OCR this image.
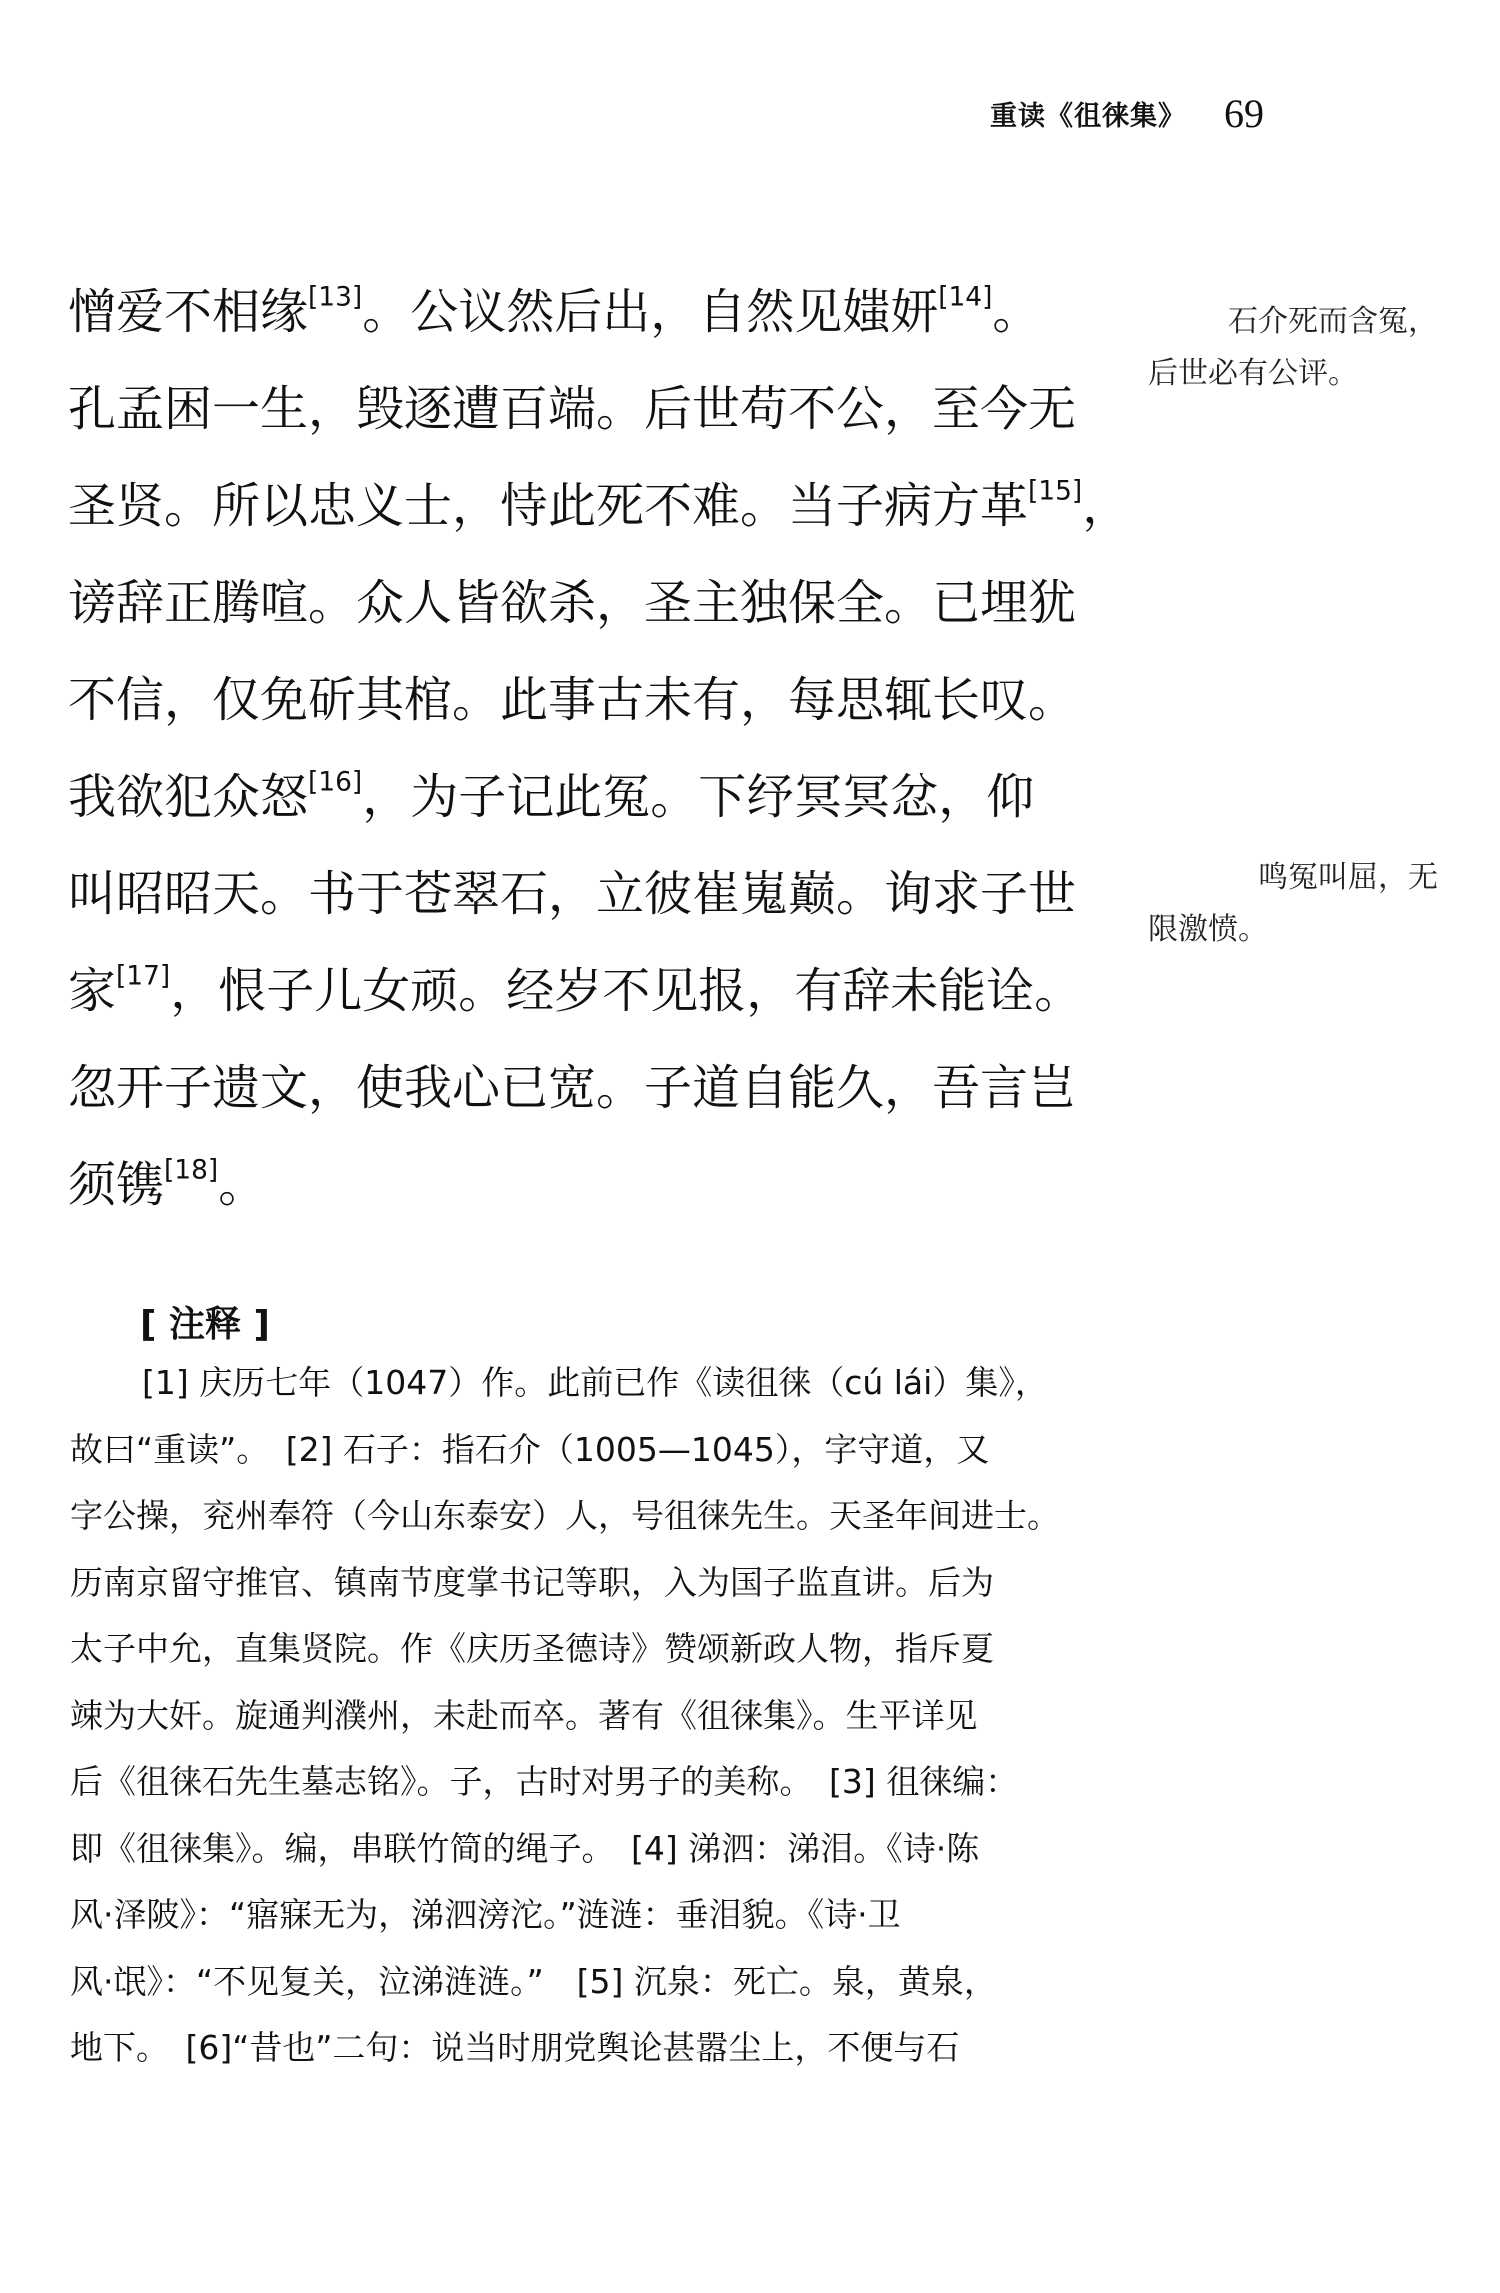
重读《徂徕集》 69
憎爱不相缘[13]。公议然后出，自然见媸妍[14]。
孔孟困一生，毁逐遭百端。后世苟不公，至今无
圣贤。所以忠义士，恃此死不难。当子病方革[15]，
谤辞正腾喧。众人皆欲杀，圣主独保全。已埋犹
不信，仅免斫其棺。此事古未有，每思辄长叹。
我欲犯众怒[16]，为子记此冤。下纾冥冥忿，仰
叫昭昭天。书于苍翠石，立彼崔嵬巅。询求子世
家[17]，恨子儿女顽。经岁不见报，有辞未能诠。
忽开子遗文，使我心已宽。子道自能久，吾言岂
须镌[18]。
石介死而含冤，
后世必有公评。
鸣冤叫屈，无
限激愤。
[ 注释 ]
[1] 庆历七年（1047）作。此前已作《读徂徕（cú lái）集》，
故曰“重读”。　[2] 石子：指石介（1005—1045），字守道，又
字公操，兖州奉符（今山东泰安）人，号徂徕先生。天圣年间进士。
历南京留守推官、镇南节度掌书记等职，入为国子监直讲。后为
太子中允，直集贤院。作《庆历圣德诗》赞颂新政人物，指斥夏
竦为大奸。旋通判濮州，未赴而卒。著有《徂徕集》。生平详见
后《徂徕石先生墓志铭》。子，古时对男子的美称。　[3] 徂徕编：
即《徂徕集》。编，串联竹简的绳子。　[4] 涕泗：涕泪。《诗·陈
风·泽陂》：“寤寐无为，涕泗滂沱。”涟涟：垂泪貌。《诗·卫
风·氓》：“不见复关，泣涕涟涟。”　[5] 沉泉：死亡。泉，黄泉，
地下。　[6]“昔也”二句：说当时朋党舆论甚嚣尘上，不便与石
